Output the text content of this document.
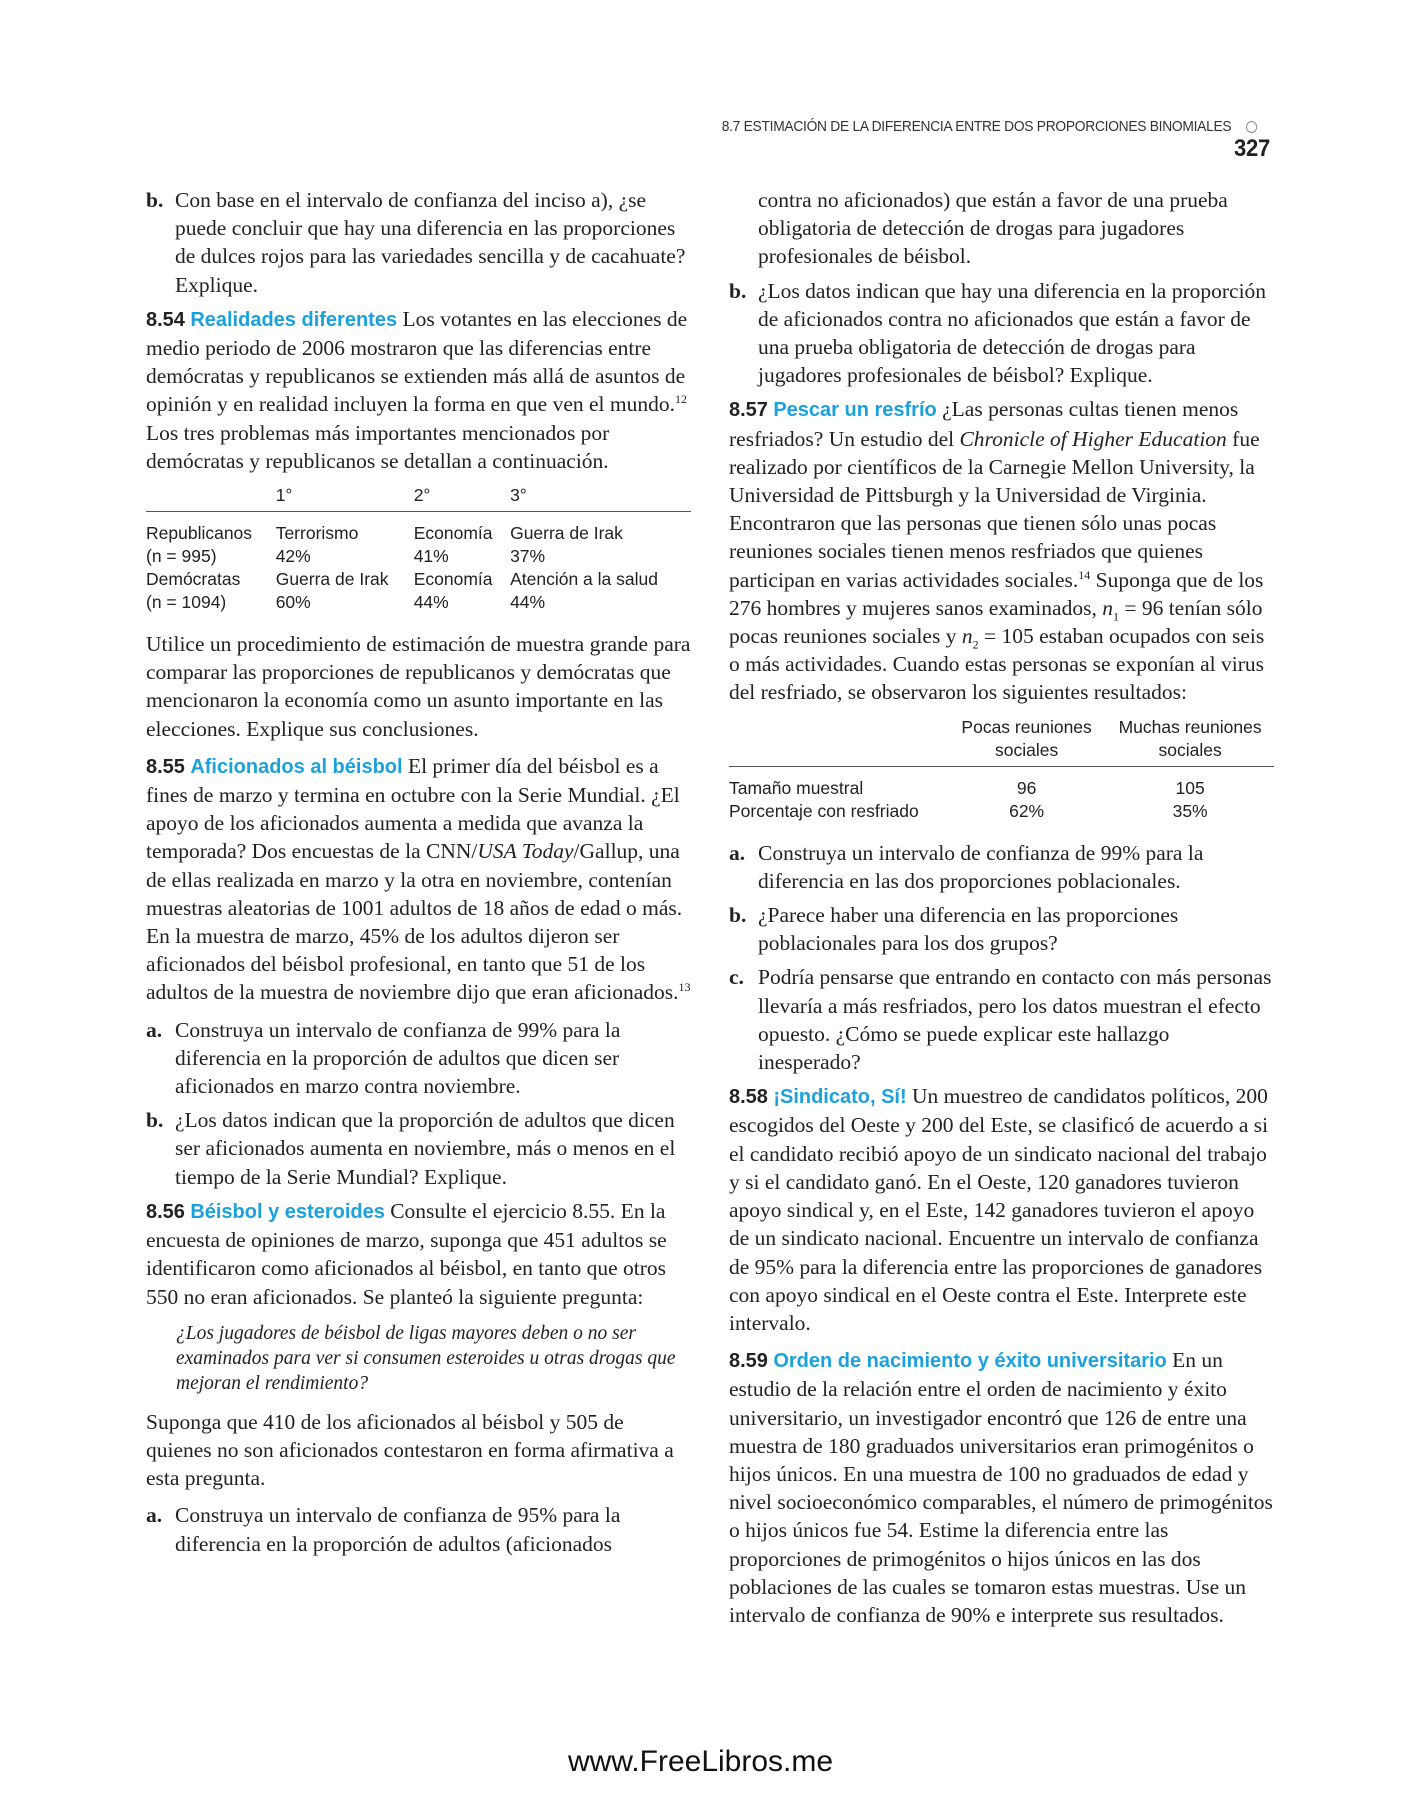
8.7 ESTIMACIÓN DE LA DIFERENCIA ENTRE DOS PROPORCIONES BINOMIALES327

b. Con base en el intervalo de confianza del inciso a), ¿se puede concluir que hay una diferencia en las proporciones de dulces rojos para las variedades sencilla y de cacahuate? Explique.

8.54 Realidades diferentes Los votantes en las elecciones de medio periodo de 2006 mostraron que las diferencias entre demócratas y republicanos se extienden más allá de asuntos de opinión y en realidad incluyen la forma en que ven el mundo.$^{12}$ Los tres problemas más importantes mencionados por demócratas y republicanos se detallan a continuación.

	1°	2°	3°
Republicanos	Terrorismo	Economía	Guerra de Irak
(n = 995)	42%	41%	37%
Demócratas	Guerra de Irak	Economía	Atención a la salud
(n = 1094)	60%	44%	44%

Utilice un procedimiento de estimación de muestra grande para comparar las proporciones de republicanos y demócratas que mencionaron la economía como un asunto importante en las elecciones. Explique sus conclusiones.

8.55 Aficionados al béisbol El primer día del béisbol es a fines de marzo y termina en octubre con la Serie Mundial. ¿El apoyo de los aficionados aumenta a medida que avanza la temporada? Dos encuestas de la CNN/USA Today/Gallup, una de ellas realizada en marzo y la otra en noviembre, contenían muestras aleatorias de 1001 adultos de 18 años de edad o más. En la muestra de marzo, 45% de los adultos dijeron ser aficionados del béisbol profesional, en tanto que 51 de los adultos de la muestra de noviembre dijo que eran aficionados.$^{13}$

a. Construya un intervalo de confianza de 99% para la diferencia en la proporción de adultos que dicen ser aficionados en marzo contra noviembre.

b. ¿Los datos indican que la proporción de adultos que dicen ser aficionados aumenta en noviembre, más o menos en el tiempo de la Serie Mundial? Explique.

8.56 Béisbol y esteroides Consulte el ejercicio 8.55. En la encuesta de opiniones de marzo, suponga que 451 adultos se identificaron como aficionados al béisbol, en tanto que otros 550 no eran aficionados. Se planteó la siguiente pregunta:

¿Los jugadores de béisbol de ligas mayores deben o no ser examinados para ver si consumen esteroides u otras drogas que mejoran el rendimiento?

Suponga que 410 de los aficionados al béisbol y 505 de quienes no son aficionados contestaron en forma afirmativa a esta pregunta.

a. Construya un intervalo de confianza de 95% para la diferencia en la proporción de adultos (aficionados

contra no aficionados) que están a favor de una prueba obligatoria de detección de drogas para jugadores profesionales de béisbol.

b. ¿Los datos indican que hay una diferencia en la proporción de aficionados contra no aficionados que están a favor de una prueba obligatoria de detección de drogas para jugadores profesionales de béisbol? Explique.

8.57 Pescar un resfrío ¿Las personas cultas tienen menos resfriados? Un estudio del Chronicle of Higher Education fue realizado por científicos de la Carnegie Mellon University, la Universidad de Pittsburgh y la Universidad de Virginia. Encontraron que las personas que tienen sólo unas pocas reuniones sociales tienen menos resfriados que quienes participan en varias actividades sociales.$^{14}$ Suponga que de los 276 hombres y mujeres sanos examinados, $n_1 = 96$ tenían sólo pocas reuniones sociales y $n_2 = 105$ estaban ocupados con seis o más actividades. Cuando estas personas se exponían al virus del resfriado, se observaron los siguientes resultados:

	Pocas reuniones sociales	Muchas reuniones sociales
Tamaño muestral	96	105
Porcentaje con resfriado	62%	35%

a. Construya un intervalo de confianza de 99% para la diferencia en las dos proporciones poblacionales.

b. ¿Parece haber una diferencia en las proporciones poblacionales para los dos grupos?

c. Podría pensarse que entrando en contacto con más personas llevaría a más resfriados, pero los datos muestran el efecto opuesto. ¿Cómo se puede explicar este hallazgo inesperado?

8.58 ¡Sindicato, Sí! Un muestreo de candidatos políticos, 200 escogidos del Oeste y 200 del Este, se clasificó de acuerdo a si el candidato recibió apoyo de un sindicato nacional del trabajo y si el candidato ganó. En el Oeste, 120 ganadores tuvieron apoyo sindical y, en el Este, 142 ganadores tuvieron el apoyo de un sindicato nacional. Encuentre un intervalo de confianza de 95% para la diferencia entre las proporciones de ganadores con apoyo sindical en el Oeste contra el Este. Interprete este intervalo.

8.59 Orden de nacimiento y éxito universitario En un estudio de la relación entre el orden de nacimiento y éxito universitario, un investigador encontró que 126 de entre una muestra de 180 graduados universitarios eran primogénitos o hijos únicos. En una muestra de 100 no graduados de edad y nivel socioeconómico comparables, el número de primogénitos o hijos únicos fue 54. Estime la diferencia entre las proporciones de primogénitos o hijos únicos en las dos poblaciones de las cuales se tomaron estas muestras. Use un intervalo de confianza de 90% e interprete sus resultados.

www.FreeLibros.me
